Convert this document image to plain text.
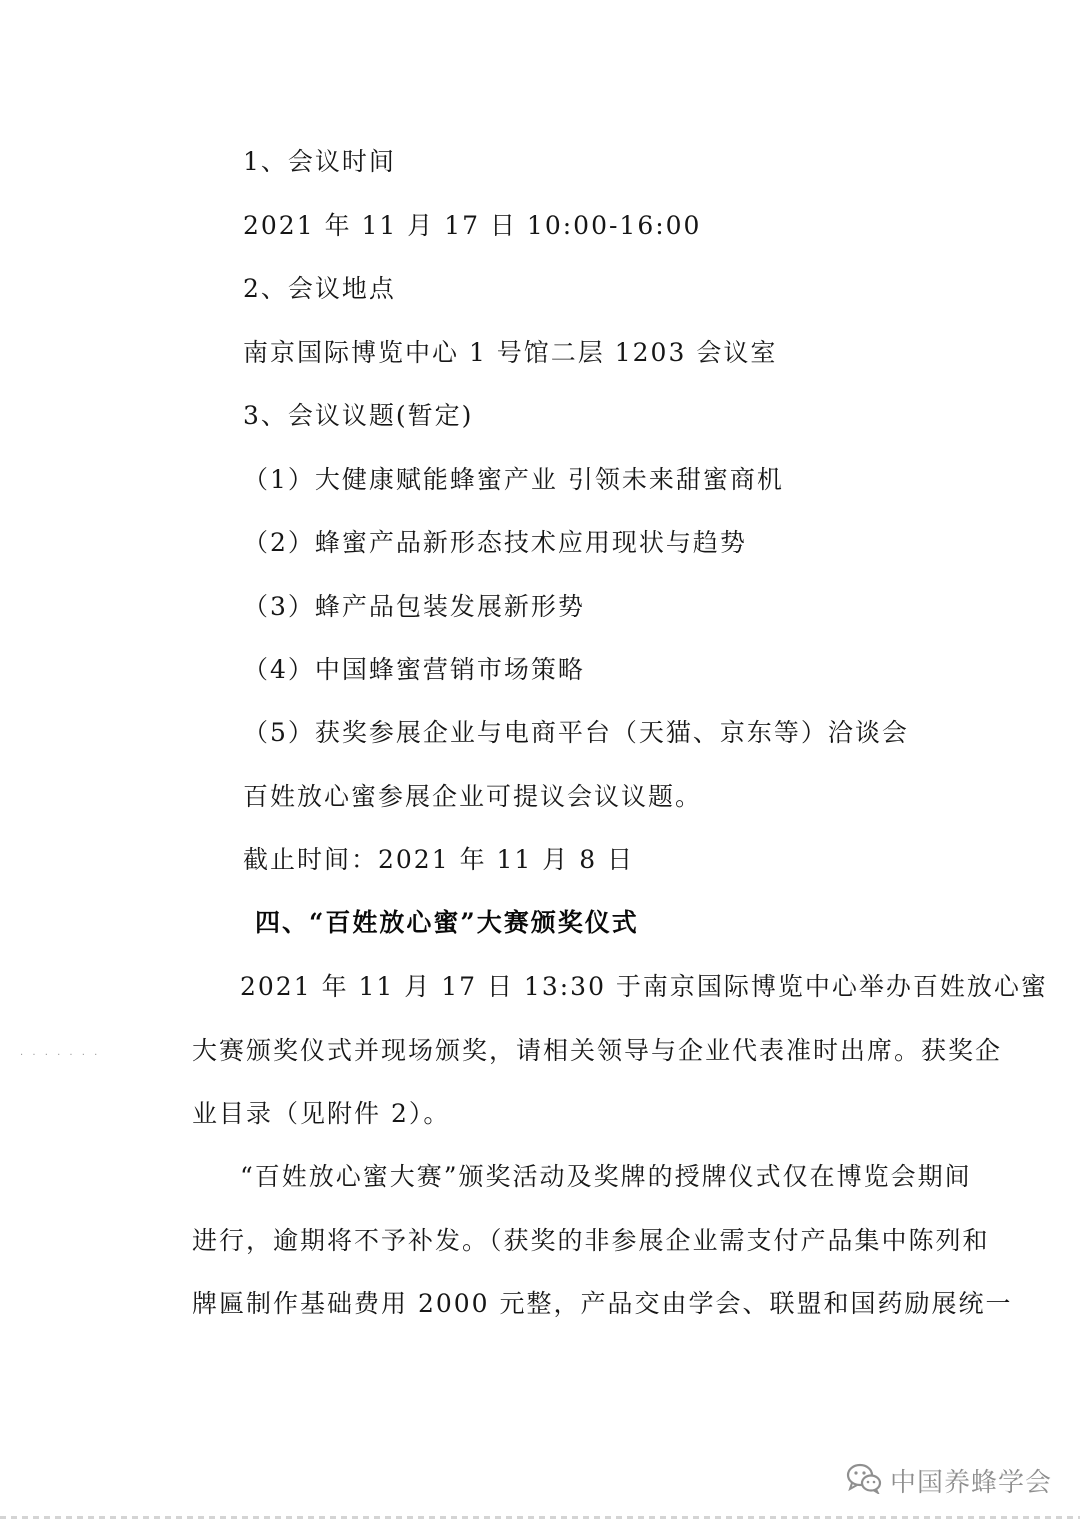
1、会议时间
2021 年 11 月 17 日 10:00-16:00
2、会议地点
南京国际博览中心 1 号馆二层 1203 会议室
3、会议议题(暂定)
（1）大健康赋能蜂蜜产业 引领未来甜蜜商机
（2）蜂蜜产品新形态技术应用现状与趋势
（3）蜂产品包装发展新形势
（4）中国蜂蜜营销市场策略
（5）获奖参展企业与电商平台（天猫、京东等）洽谈会
百姓放心蜜参展企业可提议会议议题。
截止时间：2021 年 11 月 8 日
四、“百姓放心蜜”大赛颁奖仪式
2021 年 11 月 17 日 13:30 于南京国际博览中心举办百姓放心蜜
大赛颁奖仪式并现场颁奖，请相关领导与企业代表准时出席。获奖企
业目录（见附件 2）。
“百姓放心蜜大赛”颁奖活动及奖牌的授牌仪式仅在博览会期间
进行，逾期将不予补发。（获奖的非参展企业需支付产品集中陈列和
牌匾制作基础费用 2000 元整，产品交由学会、联盟和国药励展统一
· · · · · · ·
中国养蜂学会
